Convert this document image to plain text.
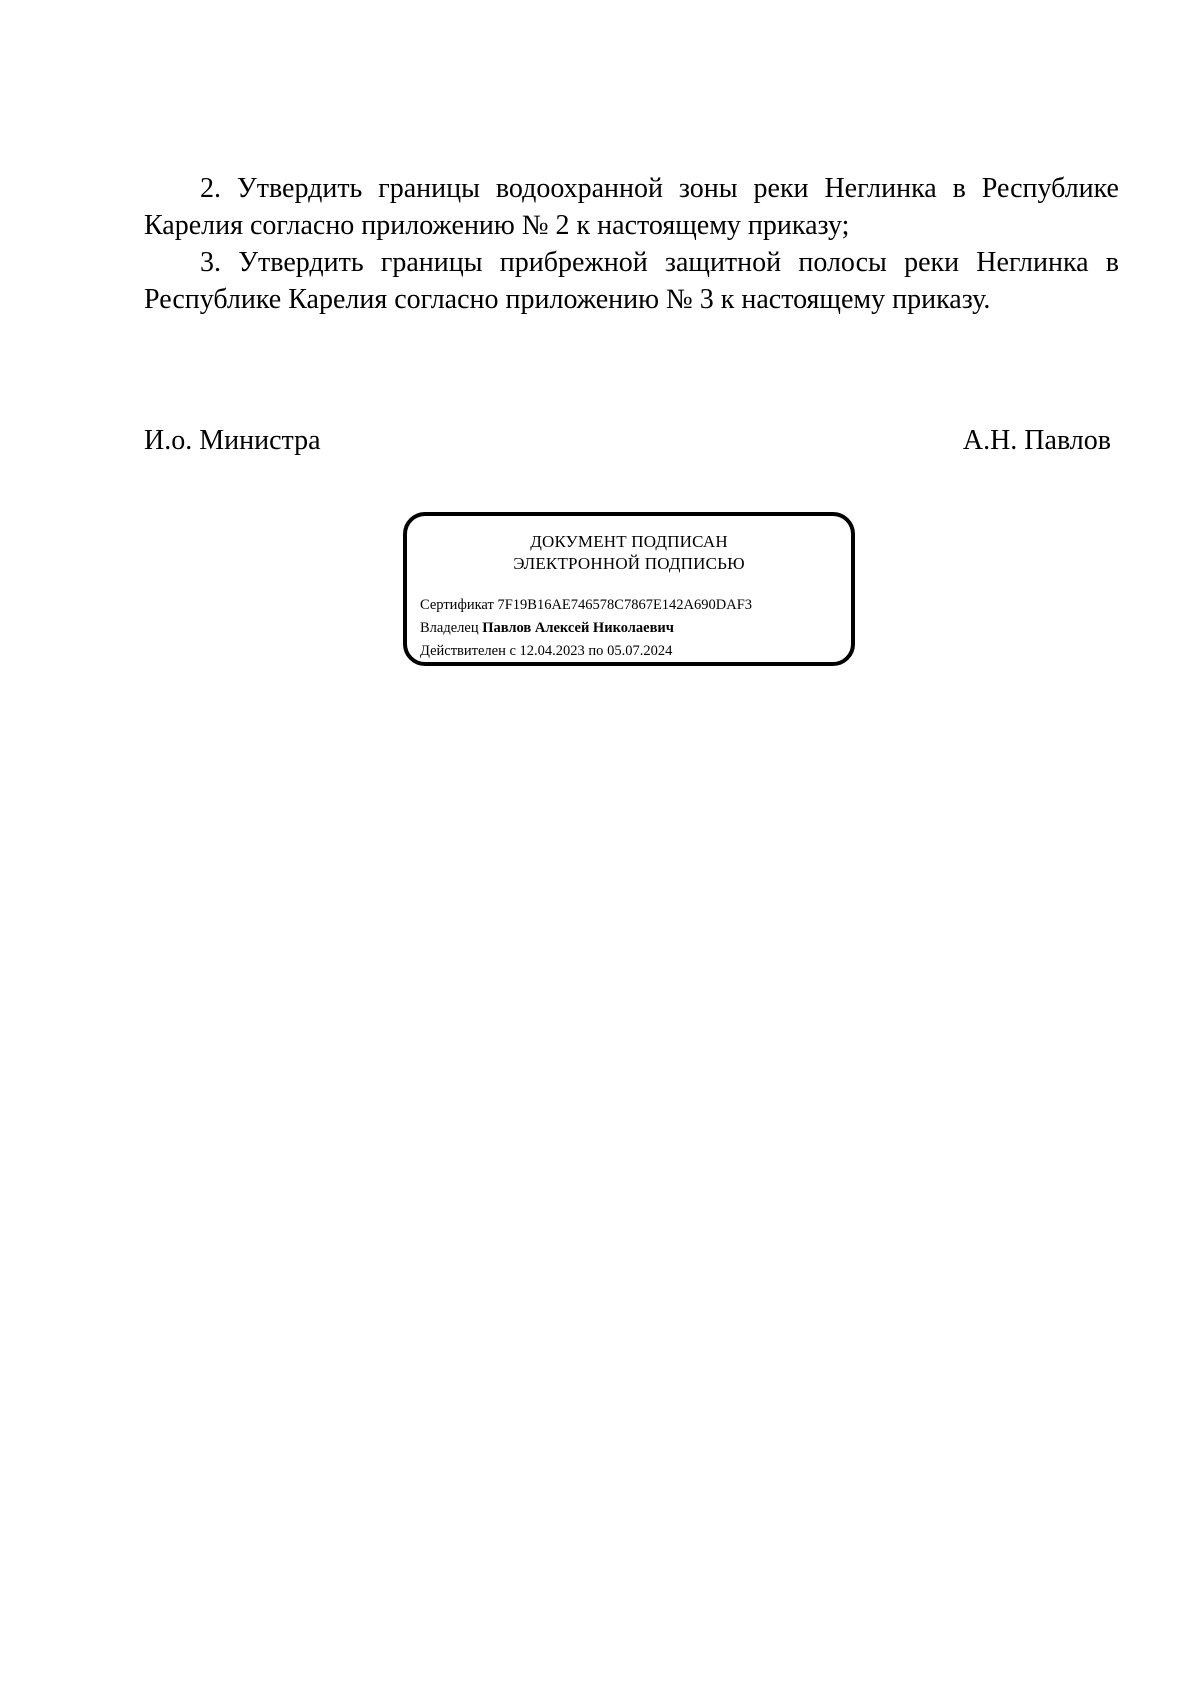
2. Утвердить границы водоохранной зоны реки Неглинка в Республике Карелия согласно приложению № 2 к настоящему приказу;

3. Утвердить границы прибрежной защитной полосы реки Неглинка в Республике Карелия согласно приложению № 3 к настоящему приказу.

И.о. Министра	А.Н. Павлов
ДОКУМЕНТ ПОДПИСАН
ЭЛЕКТРОННОЙ ПОДПИСЬЮ
Сертификат 7F19B16AE746578C7867E142A690DAF3
Владелец Павлов Алексей Николаевич
Действителен с 12.04.2023 по 05.07.2024
